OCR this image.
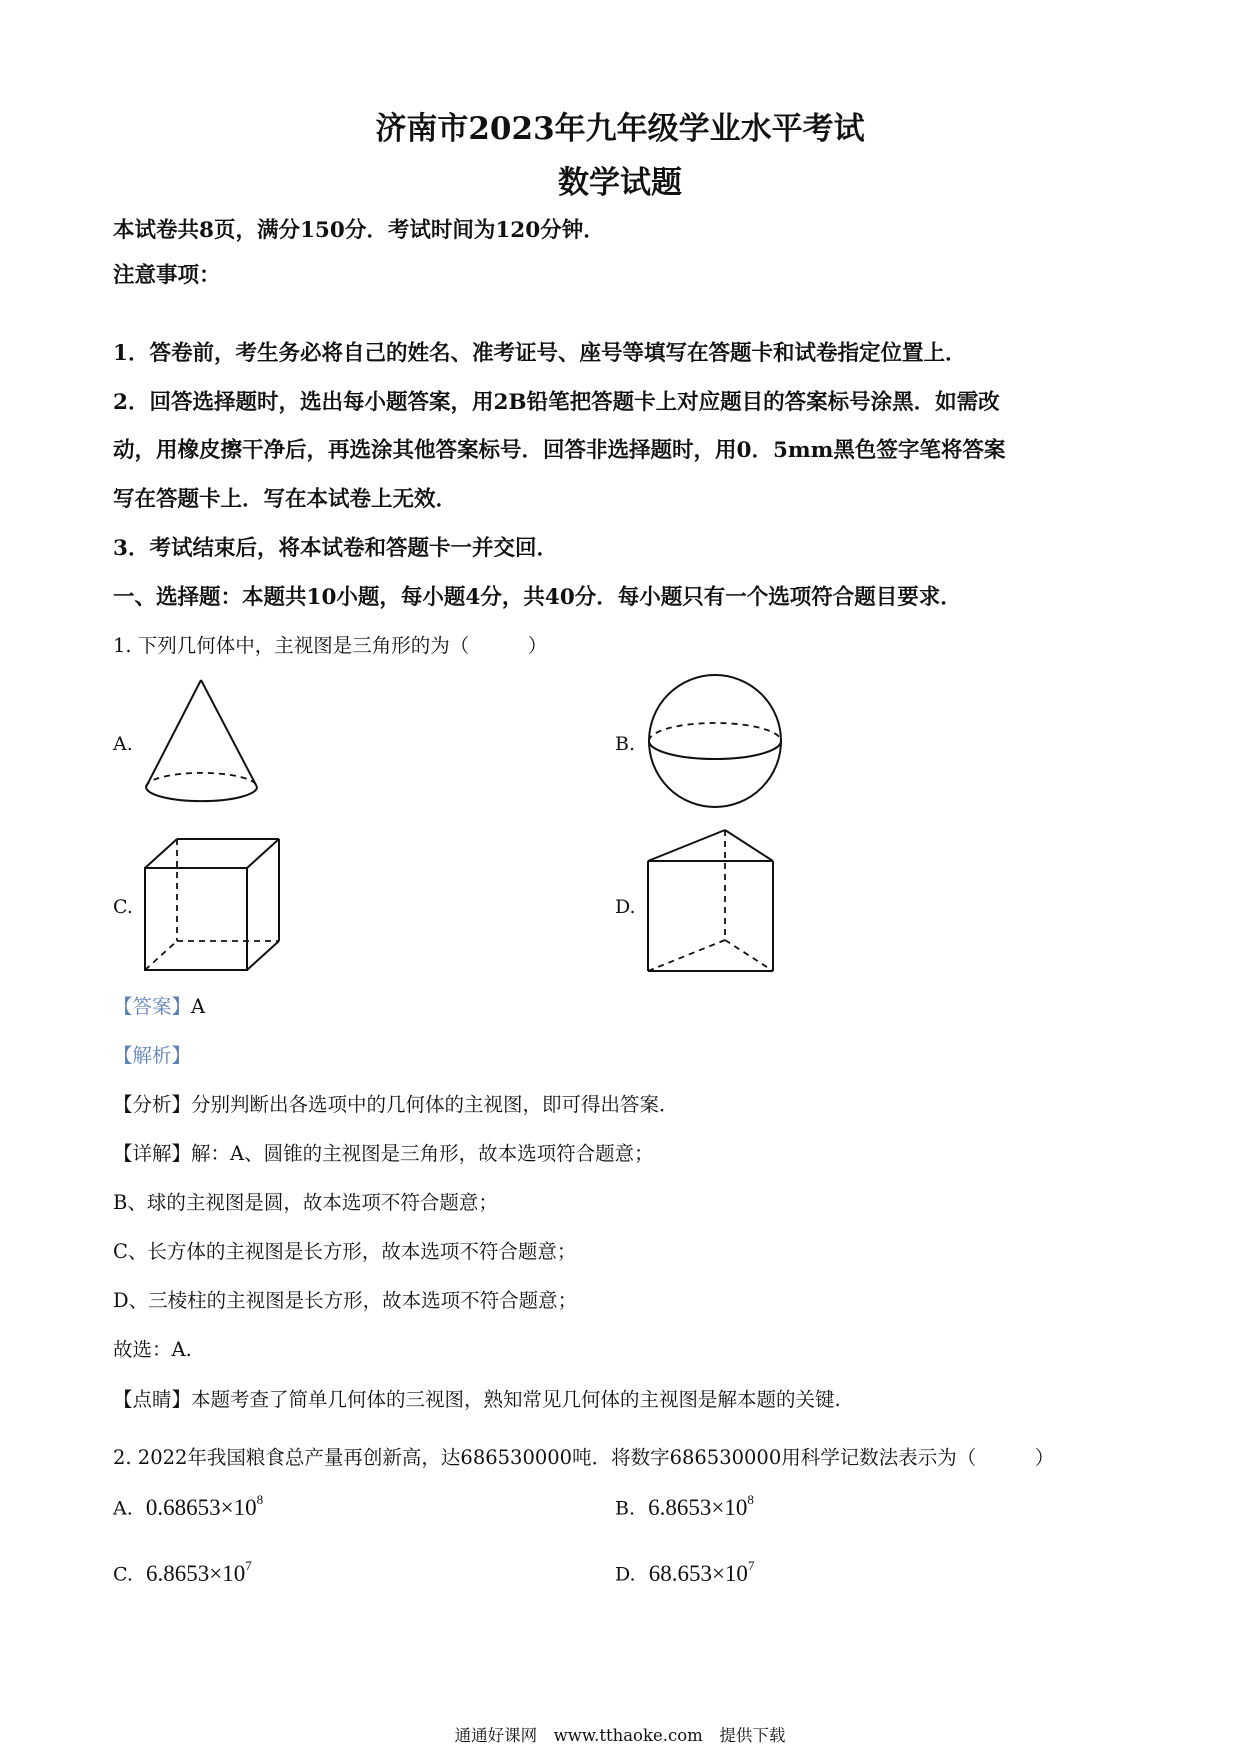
济南市2023年九年级学业水平考试
数学试题
本试卷共8页，满分150分．考试时间为120分钟．
注意事项：
1．答卷前，考生务必将自己的姓名、准考证号、座号等填写在答题卡和试卷指定位置上．
2．回答选择题时，选出每小题答案，用2B铅笔把答题卡上对应题目的答案标号涂黑．如需改
动，用橡皮擦干净后，再选涂其他答案标号．回答非选择题时，用0．5mm黑色签字笔将答案
写在答题卡上．写在本试卷上无效．
3．考试结束后，将本试卷和答题卡一并交回．
一、选择题：本题共10小题，每小题4分，共40分．每小题只有一个选项符合题目要求．
1. 下列几何体中，主视图是三角形的为（　　　）
A.	B.
C.	D.
【答案】A
【解析】
【分析】分别判断出各选项中的几何体的主视图，即可得出答案．
【详解】解：A、圆锥的主视图是三角形，故本选项符合题意；
B、球的主视图是圆，故本选项不符合题意；
C、长方体的主视图是长方形，故本选项不符合题意；
D、三棱柱的主视图是长方形，故本选项不符合题意；
故选：A.
【点睛】本题考查了简单几何体的三视图，熟知常见几何体的主视图是解本题的关键.
2. 2022年我国粮食总产量再创新高，达686530000吨．将数字686530000用科学记数法表示为（　　　）
A. $0.68653\times 10^8$	B. $6.8653\times 10^8$
C. $6.8653\times 10^7$	D. $68.653\times 10^7$
通通好课网　www.tthaoke.com　提供下载
